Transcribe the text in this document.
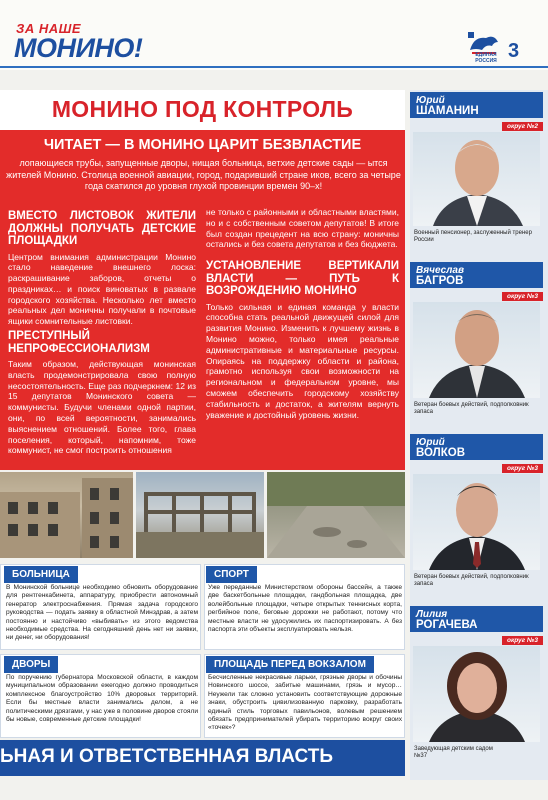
ЗА НАШЕ
МОНИНО!	ЕДИНАЯ РОССИЯ 3
МОНИНО ПОД КОНТРОЛЬ
ЧИТАЕТ — В МОНИНО ЦАРИТ БЕЗВЛАСТИЕ
лопающиеся трубы, запущенные дворы, нищая больница, ветхие детские сады — ытся жителей Монино. Столица военной авиации, город, подаривший стране иков, всего за четыре года скатился до уровня глухой провинции времен 90–х!
ВМЕСТО ЛИСТОВОК ЖИТЕЛИ ДОЛЖНЫ ПОЛУЧАТЬ ДЕТСКИЕ ПЛОЩАДКИ

Центром внимания администрации Монино стало наведение внешнего лоска: раскрашивание заборов, отчеты о праздниках… и поиск виноватых в развале городского хозяйства. Несколько лет вместо реальных дел моничны получали в почтовые ящики сомнительные листовки.

ПРЕСТУПНЫЙ НЕПРОФЕССИОНАЛИЗМ

Таким образом, действующая монинская власть продемонстрировала свою полную несостоятельность. Еще раз подчеркнем: 12 из 15 депутатов Монинского совета — коммунисты. Будучи членами одной партии, они, по всей вероятности, занимались выяснением отношений. Более того, глава поселения, который, напомним, тоже коммунист, не смог построить отношения

не только с районными и областными властями, но и с собственным советом депутатов! В итоге был создан прецедент на всю страну: моничны остались и без совета депутатов и без бюджета.

УСТАНОВЛЕНИЕ ВЕРТИКАЛИ ВЛАСТИ — ПУТЬ К ВОЗРОЖДЕНИЮ МОНИНО

Только сильная и единая команда у власти способна стать реальной движущей силой для развития Монино. Изменить к лучшему жизнь в Монино можно, только имея реальные административные и материальные ресурсы. Опираясь на поддержку области и района, грамотно используя свои возможности на региональном и федеральном уровне, мы сможем обеспечить городскому хозяйству стабильность и достаток, а жителям вернуть уважение и достойный уровень жизни.

БОЛЬНИЦА
В Монинской больнице необходимо обновить оборудование для рентгенкабинета, аппаратуру, приобрести автономный генератор электроснабжения. Прямая задача городского руководства — подать заявку в областной Минздрав, а затем постоянно и настойчиво «выбивать» из этого ведомства необходимые средства. На сегодняшний день нет ни заявки, ни денег, ни оборудования!
СПОРТ
Уже переданные Министерством обороны бассейн, а также две баскетбольные площадки, гандбольная площадка, две волейбольные площадки, четыре открытых теннисных корта, регбийное поле, беговые дорожки не работают, потому что местные власти не удосужились их паспортизировать. А без паспорта эти объекты эксплуатировать нельзя.
ДВОРЫ
По поручению губернатора Московской области, в каждом муниципальном образовании ежегодно должно проводиться комплексное благоустройство 10% дворовых территорий. Если бы местные власти занимались делом, а не политическими дрязгами, у нас уже в половине дворов стояли бы новые, современные детские площадки!
ПЛОЩАДЬ ПЕРЕД ВОКЗАЛОМ
Бесчисленные некрасивые ларьки, грязные дворы и обочины Новинского шоссе, забитые машинами, грязь и мусор… Неужели так сложно установить соответствующие дорожные знаки, обустроить цивилизованную парковку, разработать единый стиль торговых павильонов, волевым решением обязать предпринимателей убирать территорию вокруг своих «точек»?
ЬНАЯ И ОТВЕТСТВЕННАЯ ВЛАСТЬ
Юрий
ШАМАНИН
округ №2
Военный пенсионер, заслуженный тренер России
Вячеслав
БАГРОВ
округ №3
Ветеран боевых действий, подполковник запаса
Юрий
ВОЛКОВ
округ №3
Ветеран боевых действий, подполковник запаса
Лилия
РОГАЧЕВА
округ №3
Заведующая детским садом №37
